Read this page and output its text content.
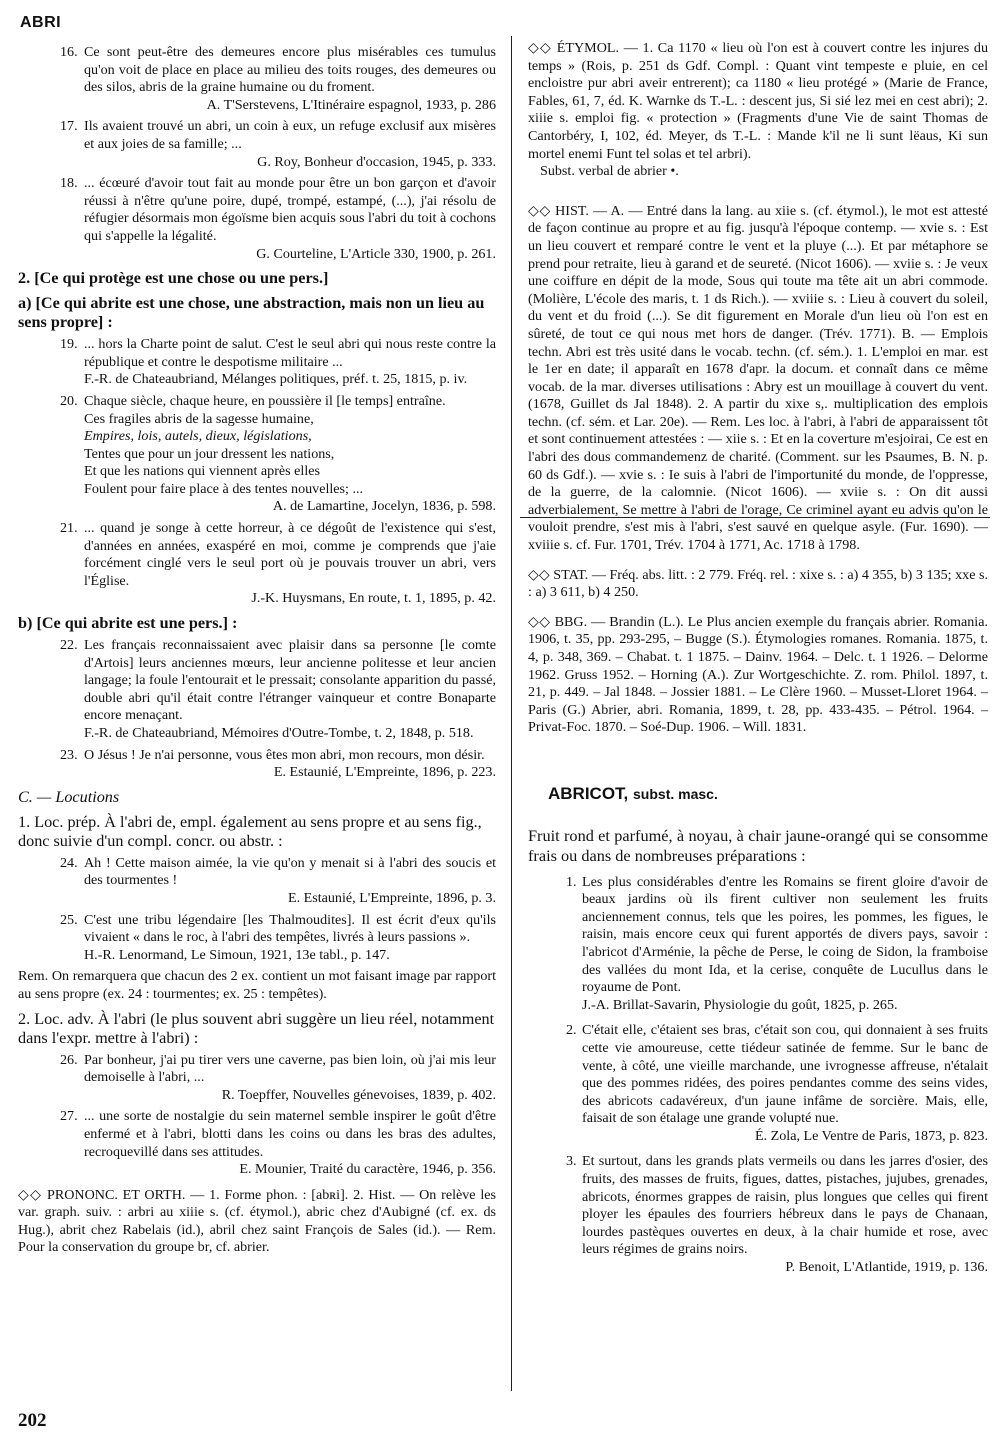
ABRI
16. Ce sont peut-être des demeures encore plus misérables ces tumulus qu'on voit de place en place au milieu des toits rouges, des demeures ou des silos, abris de la graine humaine ou du froment.
A. T'Serstevens, L'Itinéraire espagnol, 1933, p. 286
17. Ils avaient trouvé un abri, un coin à eux, un refuge exclusif aux misères et aux joies de sa famille; ...
G. Roy, Bonheur d'occasion, 1945, p. 333.
18. ... écœuré d'avoir tout fait au monde pour être un bon garçon et d'avoir réussi à n'être qu'une poire, dupé, trompé, estampé, (...), j'ai résolu de réfugier désormais mon égoïsme bien acquis sous l'abri du toit à cochons qui s'appelle la légalité.
G. Courteline, L'Article 330, 1900, p. 261.
2. [Ce qui protège est une chose ou une pers.]
a) [Ce qui abrite est une chose, une abstraction, mais non un lieu au sens propre] :
19. ... hors la Charte point de salut. C'est le seul abri qui nous reste contre la république et contre le despotisme militaire ...
F.-R. de Chateaubriand, Mélanges politiques, préf. t. 25, 1815, p. iv.
20. Chaque siècle, chaque heure, en poussière il [le temps] entraîne.
Ces fragiles abris de la sagesse humaine,
Empires, lois, autels, dieux, législations,
Tentes que pour un jour dressent les nations,
Et que les nations qui viennent après elles
Foulent pour faire place à des tentes nouvelles; ...
A. de Lamartine, Jocelyn, 1836, p. 598.
21. ... quand je songe à cette horreur, à ce dégoût de l'existence qui s'est, d'années en années, exaspéré en moi, comme je comprends que j'aie forcément cinglé vers le seul port où je pouvais trouver un abri, vers l'Église.
J.-K. Huysmans, En route, t. 1, 1895, p. 42.
b) [Ce qui abrite est une pers.] :
22. Les français reconnaissaient avec plaisir dans sa personne [le comte d'Artois] leurs anciennes mœurs, leur ancienne politesse et leur ancien langage; la foule l'entourait et le pressait; consolante apparition du passé, double abri qu'il était contre l'étranger vainqueur et contre Bonaparte encore menaçant.
F.-R. de Chateaubriand, Mémoires d'Outre-Tombe, t. 2, 1848, p. 518.
23. O Jésus ! Je n'ai personne, vous êtes mon abri, mon recours, mon désir.
E. Estaunié, L'Empreinte, 1896, p. 223.
C. — Locutions
1. Loc. prép. À l'abri de, empl. également au sens propre et au sens fig., donc suivie d'un compl. concr. ou abstr. :
24. Ah ! Cette maison aimée, la vie qu'on y menait si à l'abri des soucis et des tourmentes !
E. Estaunié, L'Empreinte, 1896, p. 3.
25. C'est une tribu légendaire [les Thalmoudites]. Il est écrit d'eux qu'ils vivaient « dans le roc, à l'abri des tempêtes, livrés à leurs passions ».
H.-R. Lenormand, Le Simoun, 1921, 13e tabl., p. 147.
Rem. On remarquera que chacun des 2 ex. contient un mot faisant image par rapport au sens propre (ex. 24 : tourmentes; ex. 25 : tempêtes).
2. Loc. adv. À l'abri (le plus souvent abri suggère un lieu réel, notamment dans l'expr. mettre à l'abri) :
26. Par bonheur, j'ai pu tirer vers une caverne, pas bien loin, où j'ai mis leur demoiselle à l'abri, ...
R. Toepffer, Nouvelles génevoises, 1839, p. 402.
27. ... une sorte de nostalgie du sein maternel semble inspirer le goût d'être enfermé et à l'abri, blotti dans les coins ou dans les bras des adultes, recroquevillé dans ses attitudes.
E. Mounier, Traité du caractère, 1946, p. 356.
◇◇ PRONONC. ET ORTH. — 1. Forme phon. : [abʀi]. 2. Hist. — On relève les var. graph. suiv. : arbri au xiiie s. (cf. étymol.), abric chez d'Aubigné (cf. ex. ds Hug.), abrit chez Rabelais (id.), abril chez saint François de Sales (id.). — Rem. Pour la conservation du groupe br, cf. abrier.
◇◇ ÉTYMOL. — 1. Ca 1170 « lieu où l'on est à couvert contre les injures du temps » (Rois, p. 251 ds Gdf. Compl. : Quant vint tempeste e pluie, en cel encloistre pur abri aveir entrerent); ca 1180 « lieu protégé » (Marie de France, Fables, 61, 7, éd. K. Warnke ds T.-L. : descent jus, Si sié lez mei en cest abri); 2. xiiie s. emploi fig. « protection » (Fragments d'une Vie de saint Thomas de Cantorbéry, I, 102, éd. Meyer, ds T.-L. : Mande k'il ne li sunt lëaus, Ki sun mortel enemi Funt tel solas et tel arbri).
Subst. verbal de abrier •.
◇◇ HIST. — A. — Entré dans la lang. au xiie s. (cf. étymol.), le mot est attesté de façon continue au propre et au fig. jusqu'à l'époque contemp. — xvie s. : Est un lieu couvert et remparé contre le vent et la pluye (...). Et par métaphore se prend pour retraite, lieu à garand et de seureté. (Nicot 1606). — xviie s. : Je veux une coiffure en dépit de la mode, Sous qui toute ma tête ait un abri commode. (Molière, L'école des maris, t. 1 ds Rich.). — xviiie s. : Lieu à couvert du soleil, du vent et du froid (...). Se dit figurement en Morale d'un lieu où l'on est en sûreté, de tout ce qui nous met hors de danger. (Trév. 1771). B. — Emplois techn. Abri est très usité dans le vocab. techn. (cf. sém.). 1. L'emploi en mar. est le 1er en date; il apparaît en 1678 d'apr. la docum. et connaît dans ce même vocab. de la mar. diverses utilisations : Abry est un mouillage à couvert du vent. (1678, Guillet ds Jal 1848). 2. A partir du xixe s,. multiplication des emplois techn. (cf. sém. et Lar. 20e). — Rem. Les loc. à l'abri, à l'abri de apparaissent tôt et sont continuement attestées : — xiie s. : Et en la coverture m'esjoirai, Ce est en l'abri des dous commandemenz de charité. (Comment. sur les Psaumes, B. N. p. 60 ds Gdf.). — xvie s. : Ie suis à l'abri de l'importunité du monde, de l'oppresse, de la guerre, de la calomnie. (Nicot 1606). — xviie s. : On dit aussi adverbialement, Se mettre à l'abri de l'orage, Ce criminel ayant eu advis qu'on le vouloit prendre, s'est mis à l'abri, s'est sauvé en quelque asyle. (Fur. 1690). — xviiie s. cf. Fur. 1701, Trév. 1704 à 1771, Ac. 1718 à 1798.
◇◇ STAT. — Fréq. abs. litt. : 2 779. Fréq. rel. : xixe s. : a) 4 355, b) 3 135; xxe s. : a) 3 611, b) 4 250.
◇◇ BBG. — Brandin (L.). Le Plus ancien exemple du français abrier. Romania. 1906, t. 35, pp. 293-295, – Bugge (S.). Étymologies romanes. Romania. 1875, t. 4, p. 348, 369. – Chabat. t. 1 1875. – Dainv. 1964. – Delc. t. 1 1926. – Delorme 1962. Gruss 1952. – Horning (A.). Zur Wortgeschichte. Z. rom. Philol. 1897, t. 21, p. 449. – Jal 1848. – Jossier 1881. – Le Clère 1960. – Musset-Lloret 1964. – Paris (G.) Abrier, abri. Romania, 1899, t. 28, pp. 433-435. – Pétrol. 1964. – Privat-Foc. 1870. – Soé-Dup. 1906. – Will. 1831.
ABRICOT, subst. masc.
Fruit rond et parfumé, à noyau, à chair jaune-orangé qui se consomme frais ou dans de nombreuses préparations :
1. Les plus considérables d'entre les Romains se firent gloire d'avoir de beaux jardins où ils firent cultiver non seulement les fruits anciennement connus, tels que les poires, les pommes, les figues, le raisin, mais encore ceux qui furent apportés de divers pays, savoir : l'abricot d'Arménie, la pêche de Perse, le coing de Sidon, la framboise des vallées du mont Ida, et la cerise, conquête de Lucullus dans le royaume de Pont.
J.-A. Brillat-Savarin, Physiologie du goût, 1825, p. 265.
2. C'était elle, c'étaient ses bras, c'était son cou, qui donnaient à ses fruits cette vie amoureuse, cette tiédeur satinée de femme. Sur le banc de vente, à côté, une vieille marchande, une ivrognesse affreuse, n'étalait que des pommes ridées, des poires pendantes comme des seins vides, des abricots cadavéreux, d'un jaune infâme de sorcière. Mais, elle, faisait de son étalage une grande volupté nue.
É. Zola, Le Ventre de Paris, 1873, p. 823.
3. Et surtout, dans les grands plats vermeils ou dans les jarres d'osier, des fruits, des masses de fruits, figues, dattes, pistaches, jujubes, grenades, abricots, énormes grappes de raisin, plus longues que celles qui firent ployer les épaules des fourriers hébreux dans le pays de Chanaan, lourdes pastèques ouvertes en deux, à la chair humide et rose, avec leurs régimes de grains noirs.
P. Benoit, L'Atlantide, 1919, p. 136.
202
